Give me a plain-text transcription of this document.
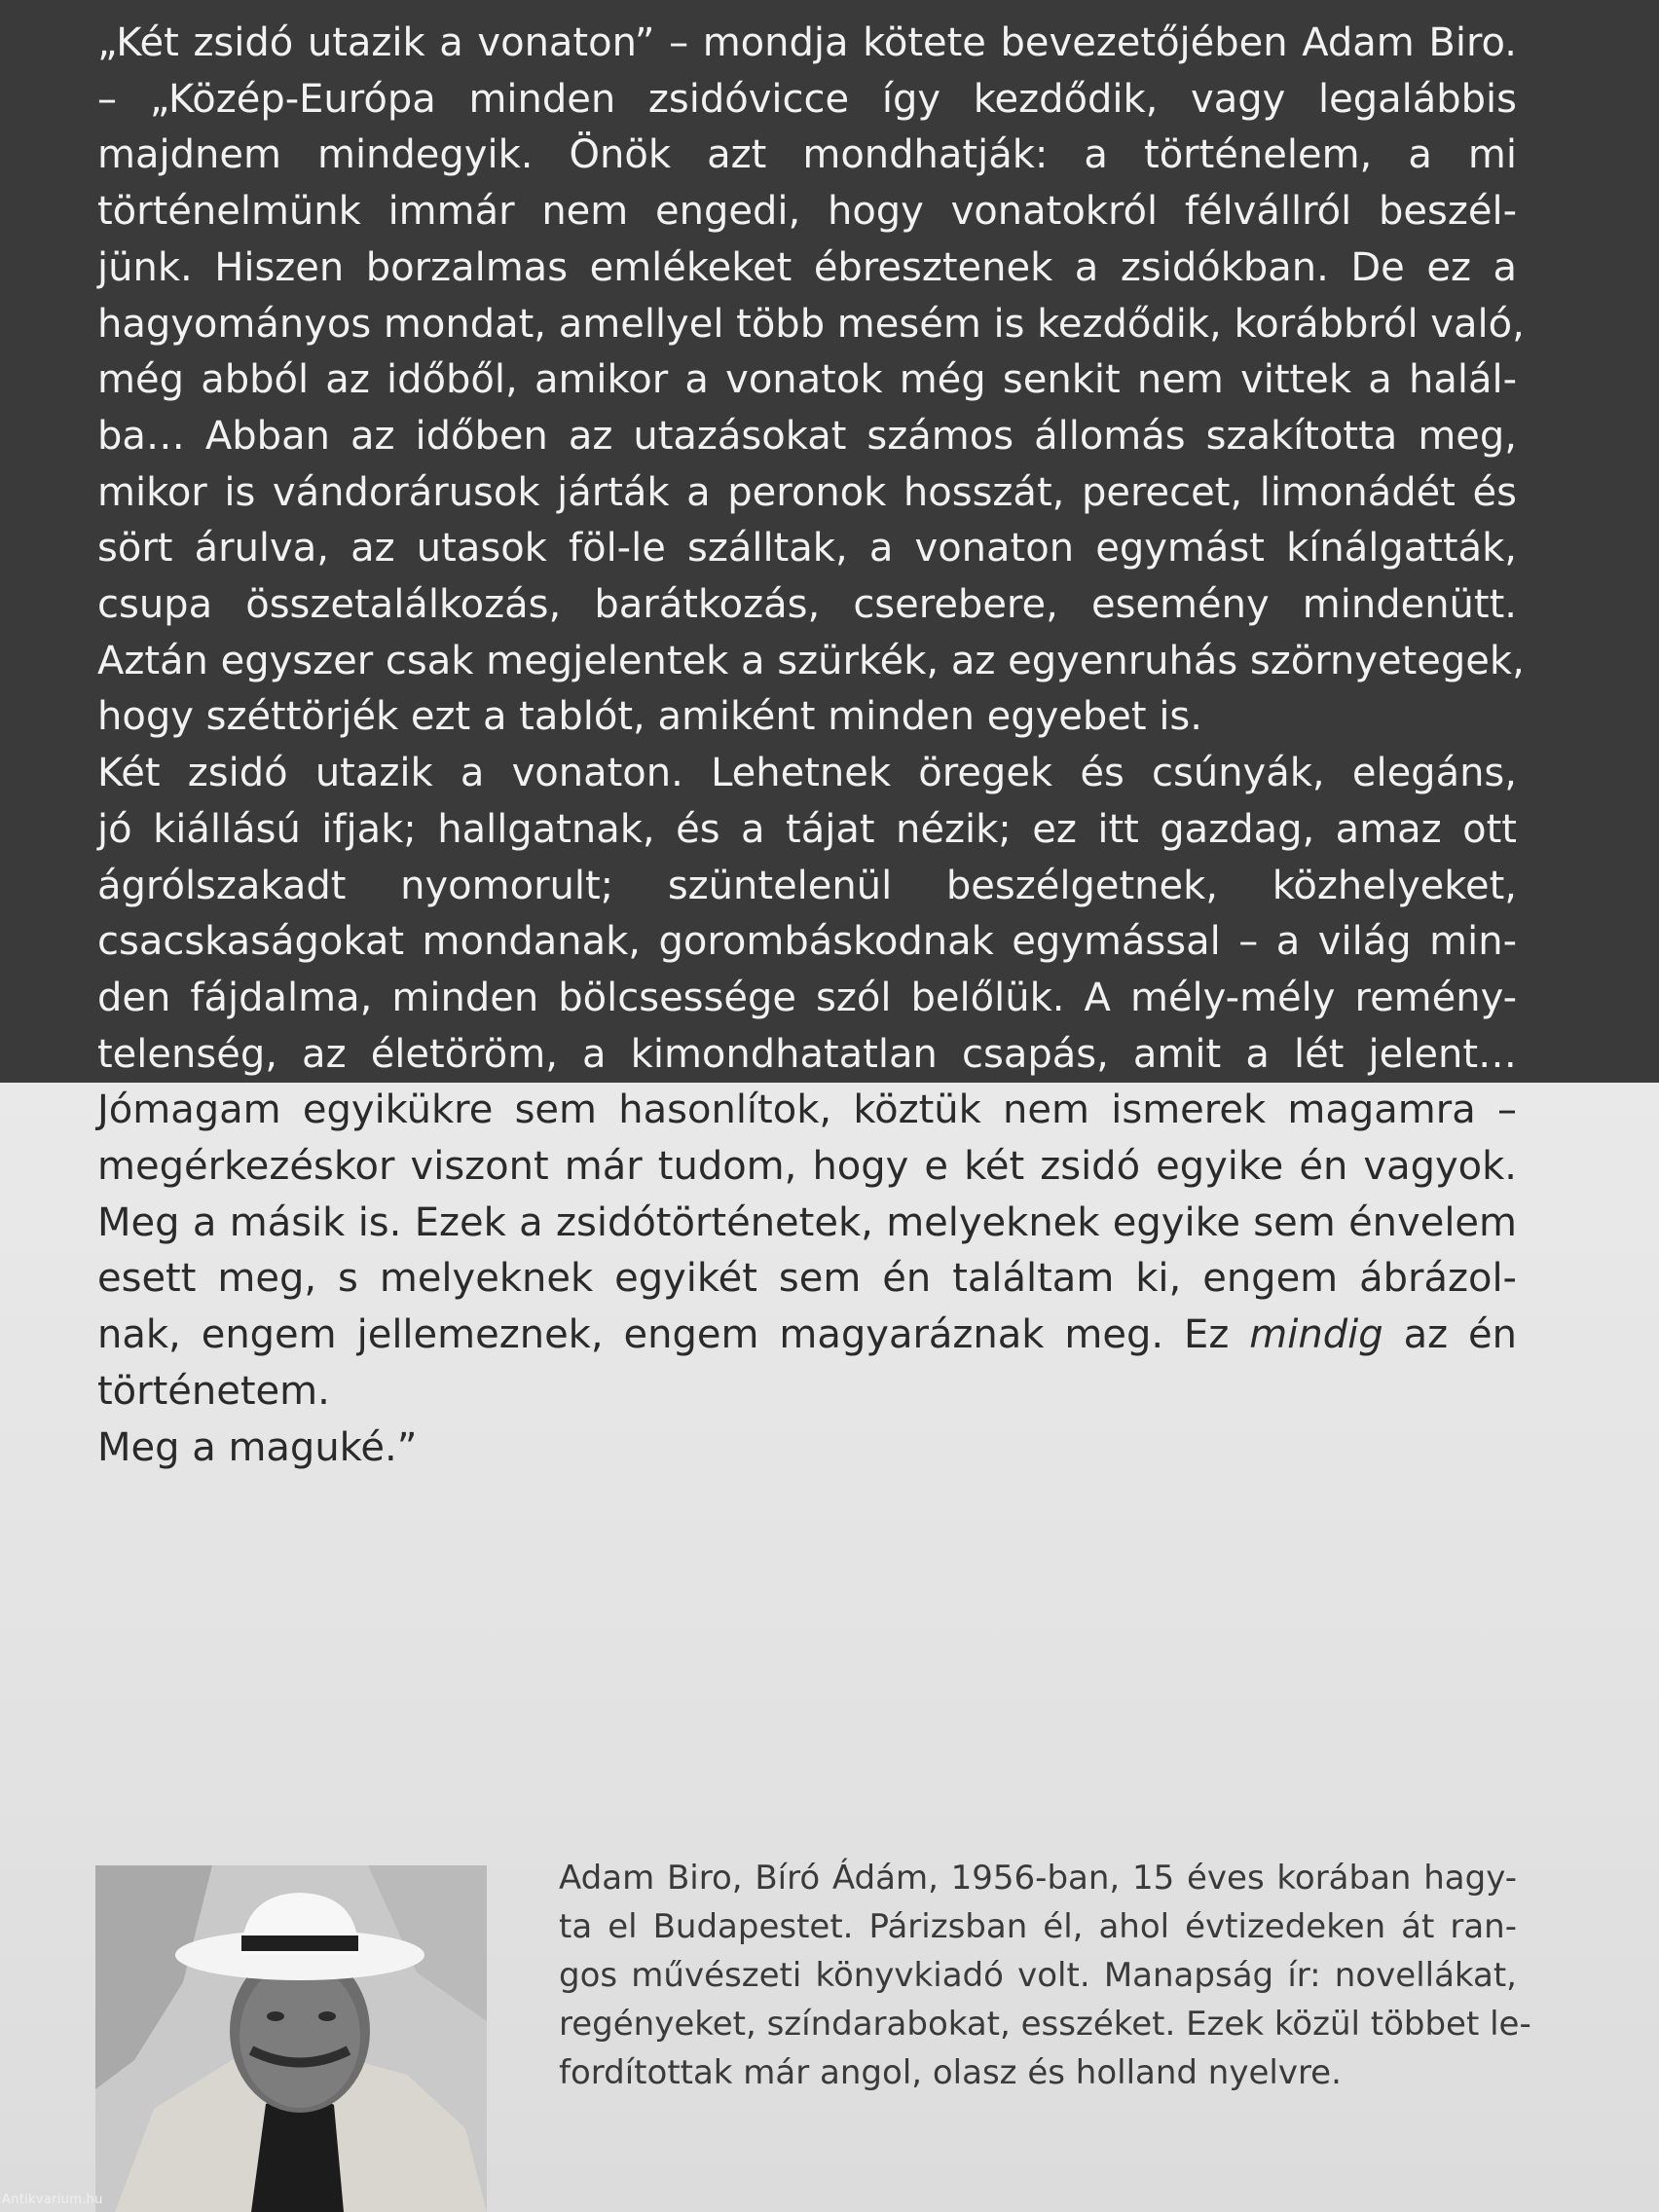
„Két zsidó utazik a vonaton” – mondja kötete bevezetőjében Adam Biro.
– „Közép-Európa minden zsidóvicce így kezdődik, vagy legalábbis
majdnem mindegyik. Önök azt mondhatják: a történelem, a mi
történelmünk immár nem engedi, hogy vonatokról félvállról beszél-
jünk. Hiszen borzalmas emlékeket ébresztenek a zsidókban. De ez a
hagyományos mondat, amellyel több mesém is kezdődik, korábbról való,
még abból az időből, amikor a vonatok még senkit nem vittek a halál-
ba… Abban az időben az utazásokat számos állomás szakította meg,
mikor is vándorárusok járták a peronok hosszát, perecet, limonádét és
sört árulva, az utasok föl-le szálltak, a vonaton egymást kínálgatták,
csupa összetalálkozás, barátkozás, cserebere, esemény mindenütt.
Aztán egyszer csak megjelentek a szürkék, az egyenruhás szörnyetegek,
hogy széttörjék ezt a tablót, amiként minden egyebet is.
Két zsidó utazik a vonaton. Lehetnek öregek és csúnyák, elegáns,
jó kiállású ifjak; hallgatnak, és a tájat nézik; ez itt gazdag, amaz ott
ágrólszakadt nyomorult; szüntelenül beszélgetnek, közhelyeket,
csacskaságokat mondanak, gorombáskodnak egymással – a világ min-
den fájdalma, minden bölcsessége szól belőlük. A mély-mély remény-
telenség, az életöröm, a kimondhatatlan csapás, amit a lét jelent…
Jómagam egyikükre sem hasonlítok, köztük nem ismerek magamra –
megérkezéskor viszont már tudom, hogy e két zsidó egyike én vagyok.
Meg a másik is. Ezek a zsidótörténetek, melyeknek egyike sem énvelem
esett meg, s melyeknek egyikét sem én találtam ki, engem ábrázol-
nak, engem jellemeznek, engem magyaráznak meg. Ez mindig az én
történetem.
Meg a maguké.”
Adam Biro, Bíró Ádám, 1956-ban, 15 éves korában hagy-
ta el Budapestet. Párizsban él, ahol évtizedeken át ran-
gos művészeti könyvkiadó volt. Manapság ír: novellákat,
regényeket, színdarabokat, esszéket. Ezek közül többet le-
fordítottak már angol, olasz és holland nyelvre.
Antikvarium.hu
